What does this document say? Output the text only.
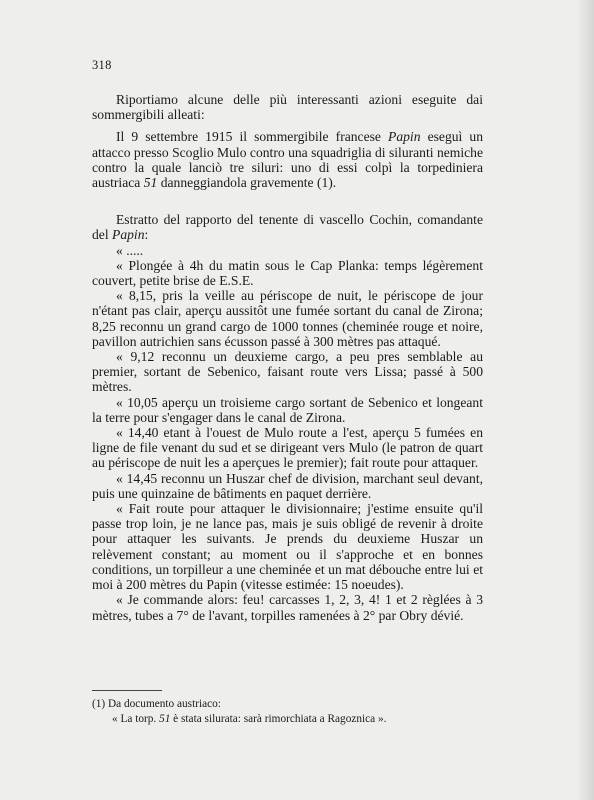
318

Riportiamo alcune delle più interessanti azioni eseguite dai sommergibili alleati:

Il 9 settembre 1915 il sommergibile francese Papin eseguì un attacco presso Scoglio Mulo contro una squadriglia di siluranti nemiche contro la quale lanciò tre siluri: uno di essi colpì la torpediniera austriaca 51 danneggiandola gravemente (1).

Estratto del rapporto del tenente di vascello Cochin, comandante del Papin:

« .....

« Plongée à 4h du matin sous le Cap Planka: temps légèrement couvert, petite brise de E.S.E.

« 8,15, pris la veille au périscope de nuit, le périscope de jour n'étant pas clair, aperçu aussitôt une fumée sortant du canal de Zirona; 8,25 reconnu un grand cargo de 1000 tonnes (cheminée rouge et noire, pavillon autrichien sans écusson passé à 300 mètres pas attaqué.

« 9,12 reconnu un deuxieme cargo, a peu pres semblable au premier, sortant de Sebenico, faisant route vers Lissa; passé à 500 mètres.

« 10,05 aperçu un troisieme cargo sortant de Sebenico et longeant la terre pour s'engager dans le canal de Zirona.

« 14,40 etant à l'ouest de Mulo route a l'est, aperçu 5 fumées en ligne de file venant du sud et se dirigeant vers Mulo (le patron de quart au périscope de nuit les a aperçues le premier); fait route pour attaquer.

« 14,45 reconnu un Huszar chef de division, marchant seul devant, puis une quinzaine de bâtiments en paquet derrière.

« Fait route pour attaquer le divisionnaire; j'estime ensuite qu'il passe trop loin, je ne lance pas, mais je suis obligé de revenir à droite pour attaquer les suivants. Je prends du deuxieme Huszar un relèvement constant; au moment ou il s'approche et en bonnes conditions, un torpilleur a une cheminée et un mat débouche entre lui et moi à 200 mètres du Papin (vitesse estimée: 15 noeudes).

« Je commande alors: feu! carcasses 1, 2, 3, 4! 1 et 2 règlées à 3 mètres, tubes a 7° de l'avant, torpilles ramenées à 2° par Obry dévié.

(1) Da documento austriaco:
« La torp. 51 è stata silurata: sarà rimorchiata a Ragoznica ».
